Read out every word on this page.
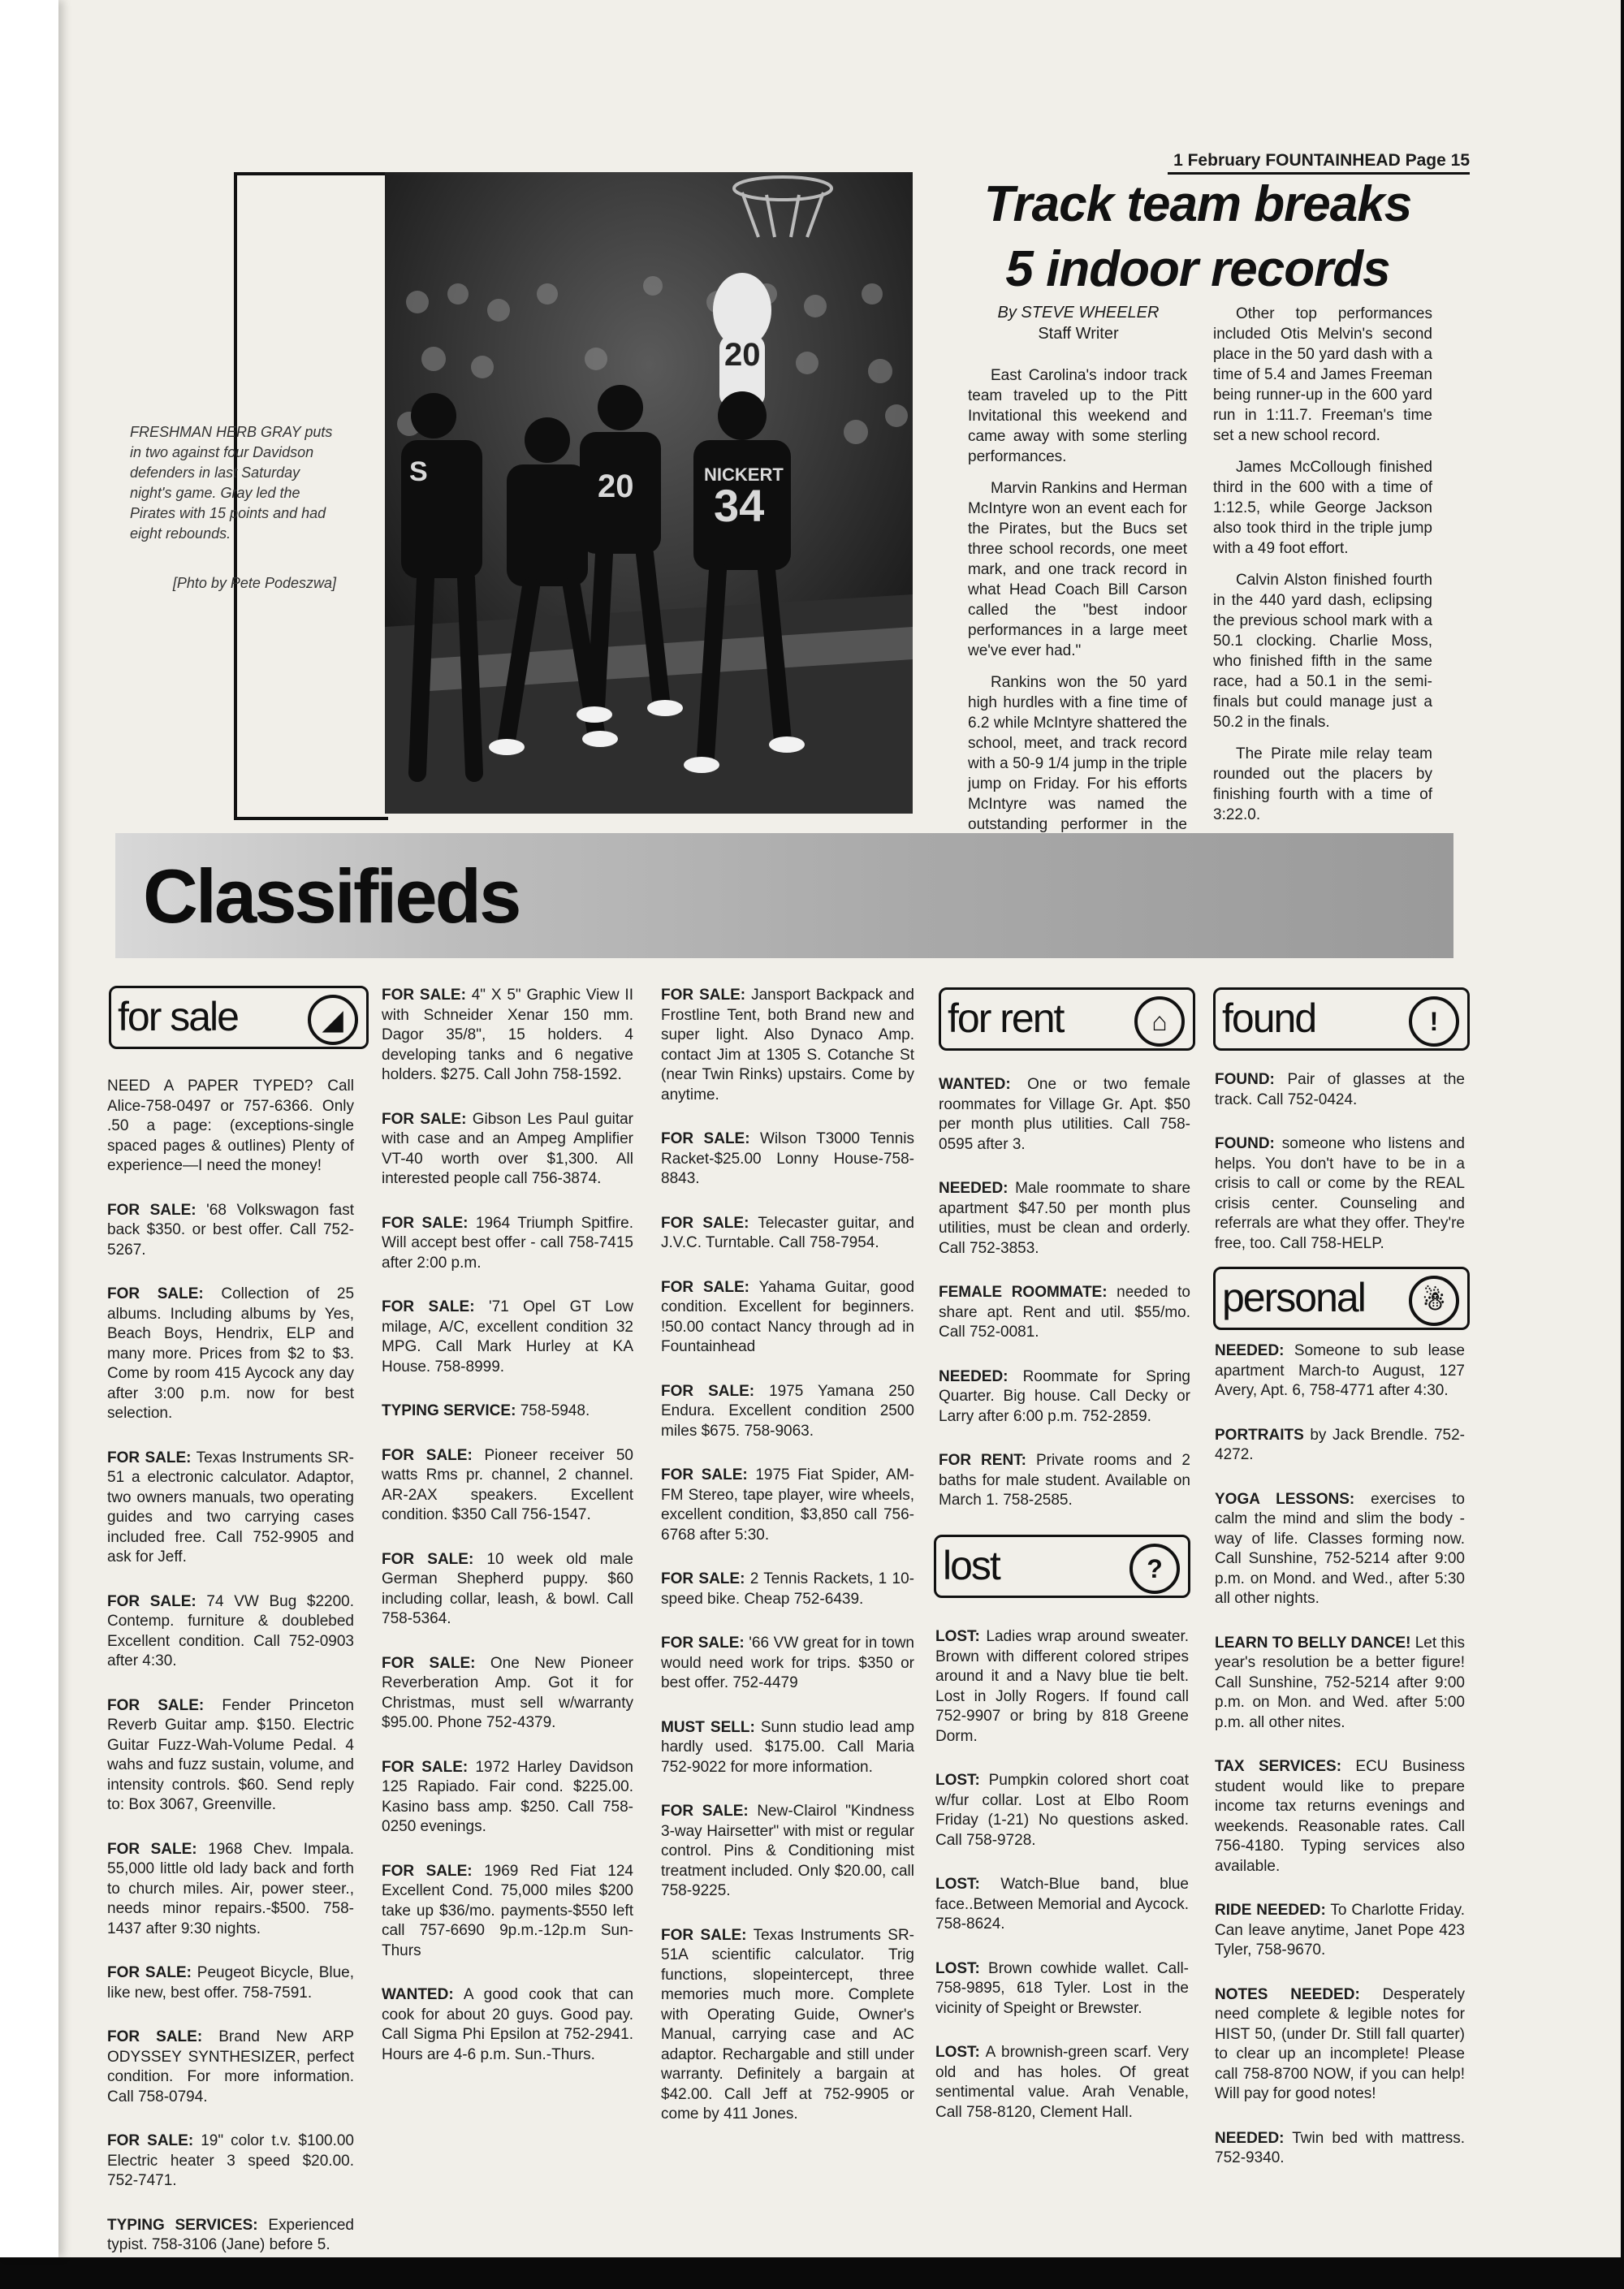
1 February FOUNTAINHEAD Page 15
FRESHMAN HERB GRAY puts in two against four Davidson defenders in last Saturday night's game. Gray led the Pirates with 15 points and had eight rebounds.
[Phto by Pete Podeszwa]
34
20
20
S	NICKERT
Track team breaks
5 indoor records
By STEVE WHEELER
Staff Writer

East Carolina's indoor track team traveled up to the Pitt Invitational this weekend and came away with some sterling performances.

Marvin Rankins and Herman McIntyre won an event each for the Pirates, but the Bucs set three school records, one meet mark, and one track record in what Head Coach Bill Carson called the "best indoor performances in a large meet we've ever had."

Rankins won the 50 yard high hurdles with a fine time of 6.2 while McIntyre shattered the school, meet, and track record with a 50-9 1/4 jump in the triple jump on Friday. For his efforts McIntyre was named the outstanding performer in the

Other top performances included Otis Melvin's second place in the 50 yard dash with a time of 5.4 and James Freeman being runner-up in the 600 yard run in 1:11.7. Freeman's time set a new school record.

James McCollough finished third in the 600 with a time of 1:12.5, while George Jackson also took third in the triple jump with a 49 foot effort.

Calvin Alston finished fourth in the 440 yard dash, eclipsing the previous school mark with a 50.1 clocking. Charlie Moss, who finished fifth in the same race, had a 50.1 in the semi-finals but could manage just a 50.2 in the finals.

The Pirate mile relay team rounded out the placers by finishing fourth with a time of 3:22.0.

Classifieds
for sale	◢	for rent	⌂
lost	?
found	!
personal	☃
NEED A PAPER TYPED? Call Alice-758-0497 or 757-6366. Only .50 a page: (exceptions-single spaced pages & outlines) Plenty of experience—I need the money!
FOR SALE: '68 Volkswagon fast back $350. or best offer. Call 752-5267.
FOR SALE: Collection of 25 albums. Including albums by Yes, Beach Boys, Hendrix, ELP and many more. Prices from $2 to $3. Come by room 415 Aycock any day after 3:00 p.m. now for best selection.
FOR SALE: Texas Instruments SR-51 a electronic calculator. Adaptor, two owners manuals, two operating guides and two carrying cases included free. Call 752-9905 and ask for Jeff.
FOR SALE: 74 VW Bug $2200. Contemp. furniture & doublebed Excellent condition. Call 752-0903 after 4:30.
FOR SALE: Fender Princeton Reverb Guitar amp. $150. Electric Guitar Fuzz-Wah-Volume Pedal. 4 wahs and fuzz sustain, volume, and intensity controls. $60. Send reply to: Box 3067, Greenville.
FOR SALE: 1968 Chev. Impala. 55,000 little old lady back and forth to church miles. Air, power steer., needs minor repairs.-$500. 758-1437 after 9:30 nights.
FOR SALE: Peugeot Bicycle, Blue, like new, best offer. 758-7591.
FOR SALE: Brand New ARP ODYSSEY SYNTHESIZER, perfect condition. For more information. Call 758-0794.
FOR SALE: 19" color t.v. $100.00 Electric heater 3 speed $20.00. 752-7471.
TYPING SERVICES: Experienced typist. 758-3106 (Jane) before 5.
FOR SALE: 4" X 5" Graphic View II with Schneider Xenar 150 mm. Dagor 35/8", 15 holders. 4 developing tanks and 6 negative holders. $275. Call John 758-1592.
FOR SALE: Gibson Les Paul guitar with case and an Ampeg Amplifier VT-40 worth over $1,300. All interested people call 756-3874.
FOR SALE: 1964 Triumph Spitfire. Will accept best offer - call 758-7415 after 2:00 p.m.
FOR SALE: '71 Opel GT Low milage, A/C, excellent condition 32 MPG. Call Mark Hurley at KA House. 758-8999.
TYPING SERVICE: 758-5948.
FOR SALE: Pioneer receiver 50 watts Rms pr. channel, 2 channel. AR-2AX speakers. Excellent condition. $350 Call 756-1547.
FOR SALE: 10 week old male German Shepherd puppy. $60 including collar, leash, & bowl. Call 758-5364.
FOR SALE: One New Pioneer Reverberation Amp. Got it for Christmas, must sell w/warranty $95.00. Phone 752-4379.
FOR SALE: 1972 Harley Davidson 125 Rapiado. Fair cond. $225.00. Kasino bass amp. $250. Call 758-0250 evenings.
FOR SALE: 1969 Red Fiat 124 Excellent Cond. 75,000 miles $200 take up $36/mo. payments-$550 left call 757-6690 9p.m.-12p.m Sun-Thurs
WANTED: A good cook that can cook for about 20 guys. Good pay. Call Sigma Phi Epsilon at 752-2941. Hours are 4-6 p.m. Sun.-Thurs.
FOR SALE: Jansport Backpack and Frostline Tent, both Brand new and super light. Also Dynaco Amp. contact Jim at 1305 S. Cotanche St (near Twin Rinks) upstairs. Come by anytime.
FOR SALE: Wilson T3000 Tennis Racket-$25.00 Lonny House-758-8843.
FOR SALE: Telecaster guitar, and J.V.C. Turntable. Call 758-7954.
FOR SALE: Yahama Guitar, good condition. Excellent for beginners. !50.00 contact Nancy through ad in Fountainhead
FOR SALE: 1975 Yamana 250 Endura. Excellent condition 2500 miles $675. 758-9063.
FOR SALE: 1975 Fiat Spider, AM-FM Stereo, tape player, wire wheels, excellent condition, $3,850 call 756-6768 after 5:30.
FOR SALE: 2 Tennis Rackets, 1 10-speed bike. Cheap 752-6439.
FOR SALE: '66 VW great for in town would need work for trips. $350 or best offer. 752-4479
MUST SELL: Sunn studio lead amp hardly used. $175.00. Call Maria 752-9022 for more information.
FOR SALE: New-Clairol "Kindness 3-way Hairsetter" with mist or regular control. Pins & Conditioning mist treatment included. Only $20.00, call 758-9225.
FOR SALE: Texas Instruments SR-51A scientific calculator. Trig functions, slopeintercept, three memories much more. Complete with Operating Guide, Owner's Manual, carrying case and AC adaptor. Rechargable and still under warranty. Definitely a bargain at $42.00. Call Jeff at 752-9905 or come by 411 Jones.
WANTED: One or two female roommates for Village Gr. Apt. $50 per month plus utilities. Call 758-0595 after 3.
NEEDED: Male roommate to share apartment $47.50 per month plus utilities, must be clean and orderly. Call 752-3853.
FEMALE ROOMMATE: needed to share apt. Rent and util. $55/mo. Call 752-0081.
NEEDED: Roommate for Spring Quarter. Big house. Call Decky or Larry after 6:00 p.m. 752-2859.
FOR RENT: Private rooms and 2 baths for male student. Available on March 1. 758-2585.
LOST: Ladies wrap around sweater. Brown with different colored stripes around it and a Navy blue tie belt. Lost in Jolly Rogers. If found call 752-9907 or bring by 818 Greene Dorm.
LOST: Pumpkin colored short coat w/fur collar. Lost at Elbo Room Friday (1-21) No questions asked. Call 758-9728.
LOST: Watch-Blue band, blue face..Between Memorial and Aycock. 758-8624.
LOST: Brown cowhide wallet. Call-758-9895, 618 Tyler. Lost in the vicinity of Speight or Brewster.
LOST: A brownish-green scarf. Very old and has holes. Of great sentimental value. Arah Venable, Call 758-8120, Clement Hall.
FOUND: Pair of glasses at the track. Call 752-0424.
FOUND: someone who listens and helps. You don't have to be in a crisis to call or come by the REAL crisis center. Counseling and referrals are what they offer. They're free, too. Call 758-HELP.
NEEDED: Someone to sub lease apartment March-to August, 127 Avery, Apt. 6, 758-4771 after 4:30.
PORTRAITS by Jack Brendle. 752-4272.
YOGA LESSONS: exercises to calm the mind and slim the body - way of life. Classes forming now. Call Sunshine, 752-5214 after 9:00 p.m. on Mond. and Wed., after 5:30 all other nights.
LEARN TO BELLY DANCE! Let this year's resolution be a better figure! Call Sunshine, 752-5214 after 9:00 p.m. on Mon. and Wed. after 5:00 p.m. all other nites.
TAX SERVICES: ECU Business student would like to prepare income tax returns evenings and weekends. Reasonable rates. Call 756-4180. Typing services also available.
RIDE NEEDED: To Charlotte Friday. Can leave anytime, Janet Pope 423 Tyler, 758-9670.
NOTES NEEDED: Desperately need complete & legible notes for HIST 50, (under Dr. Still fall quarter) to clear up an incomplete! Please call 758-8700 NOW, if you can help! Will pay for good notes!
NEEDED: Twin bed with mattress. 752-9340.
